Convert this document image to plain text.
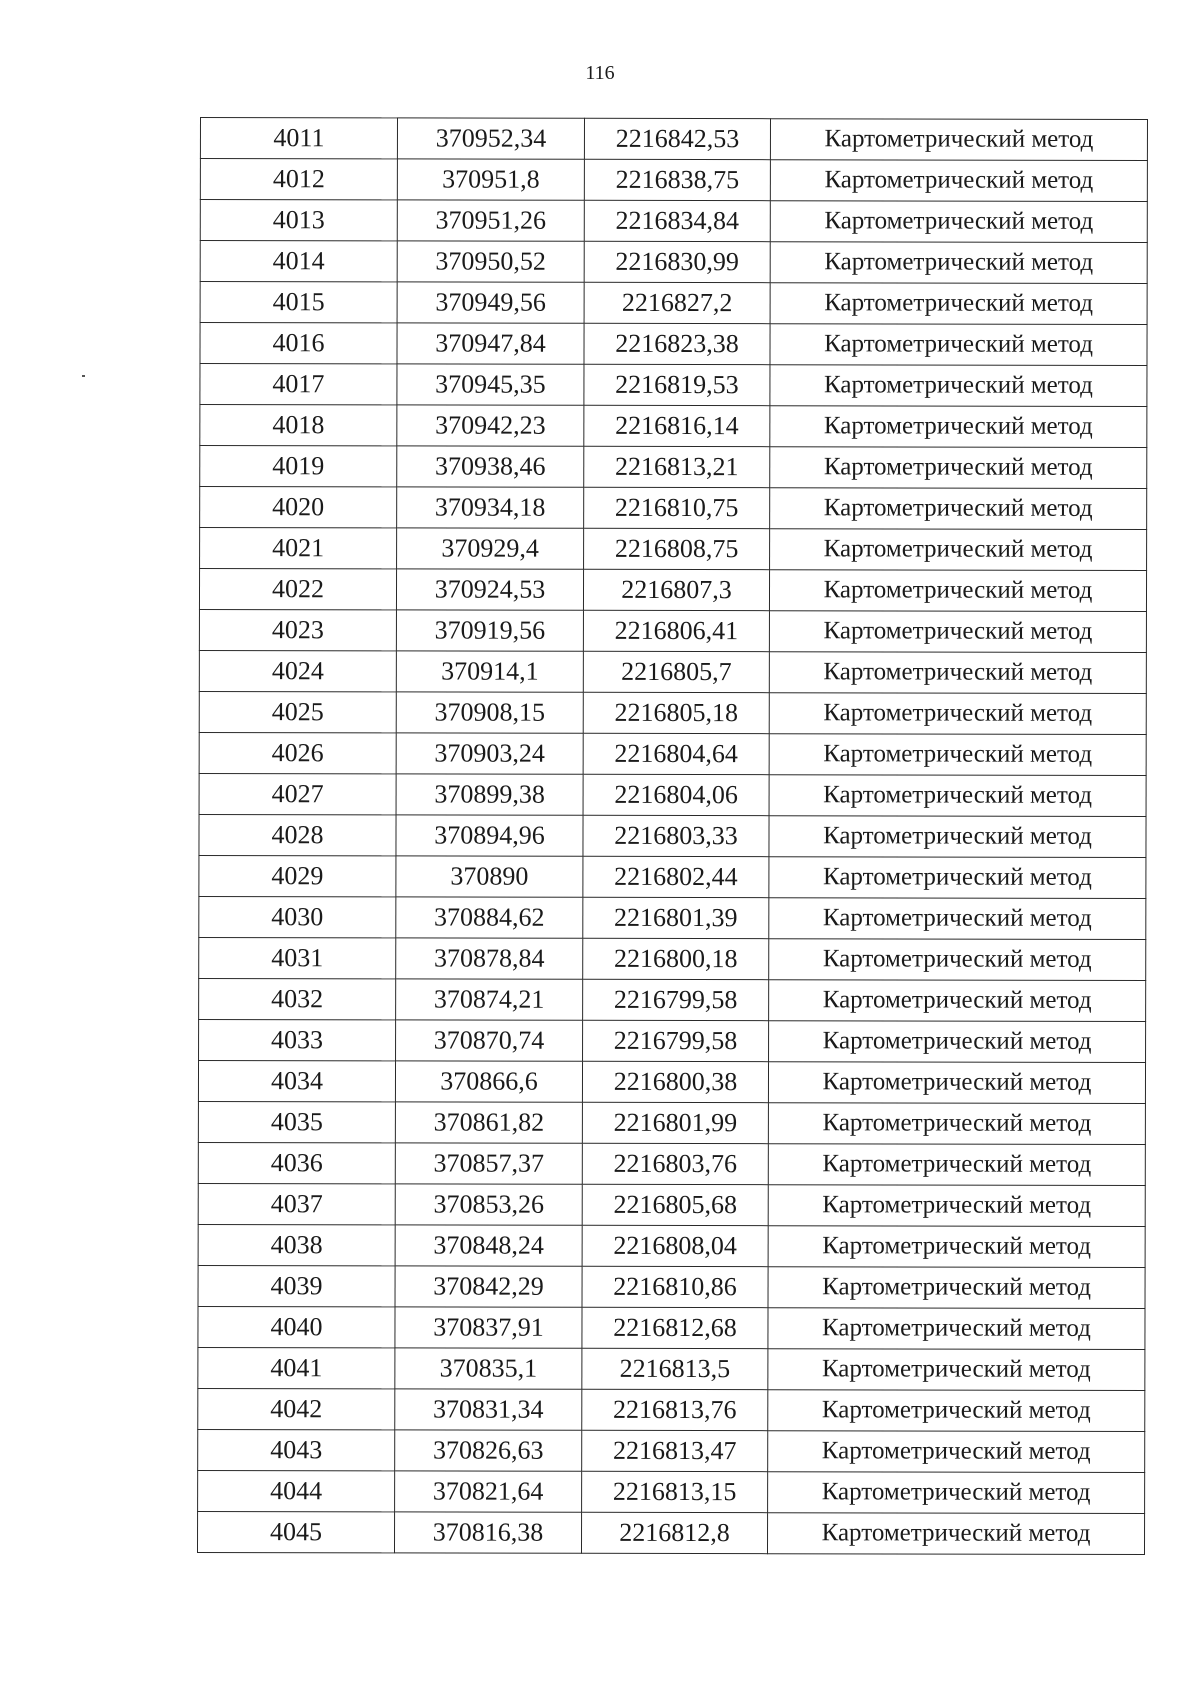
116
4011	370952,34	2216842,53	Картометрический метод
4012	370951,8	2216838,75	Картометрический метод
4013	370951,26	2216834,84	Картометрический метод
4014	370950,52	2216830,99	Картометрический метод
4015	370949,56	2216827,2	Картометрический метод
4016	370947,84	2216823,38	Картометрический метод
4017	370945,35	2216819,53	Картометрический метод
4018	370942,23	2216816,14	Картометрический метод
4019	370938,46	2216813,21	Картометрический метод
4020	370934,18	2216810,75	Картометрический метод
4021	370929,4	2216808,75	Картометрический метод
4022	370924,53	2216807,3	Картометрический метод
4023	370919,56	2216806,41	Картометрический метод
4024	370914,1	2216805,7	Картометрический метод
4025	370908,15	2216805,18	Картометрический метод
4026	370903,24	2216804,64	Картометрический метод
4027	370899,38	2216804,06	Картометрический метод
4028	370894,96	2216803,33	Картометрический метод
4029	370890	2216802,44	Картометрический метод
4030	370884,62	2216801,39	Картометрический метод
4031	370878,84	2216800,18	Картометрический метод
4032	370874,21	2216799,58	Картометрический метод
4033	370870,74	2216799,58	Картометрический метод
4034	370866,6	2216800,38	Картометрический метод
4035	370861,82	2216801,99	Картометрический метод
4036	370857,37	2216803,76	Картометрический метод
4037	370853,26	2216805,68	Картометрический метод
4038	370848,24	2216808,04	Картометрический метод
4039	370842,29	2216810,86	Картометрический метод
4040	370837,91	2216812,68	Картометрический метод
4041	370835,1	2216813,5	Картометрический метод
4042	370831,34	2216813,76	Картометрический метод
4043	370826,63	2216813,47	Картометрический метод
4044	370821,64	2216813,15	Картометрический метод
4045	370816,38	2216812,8	Картометрический метод
